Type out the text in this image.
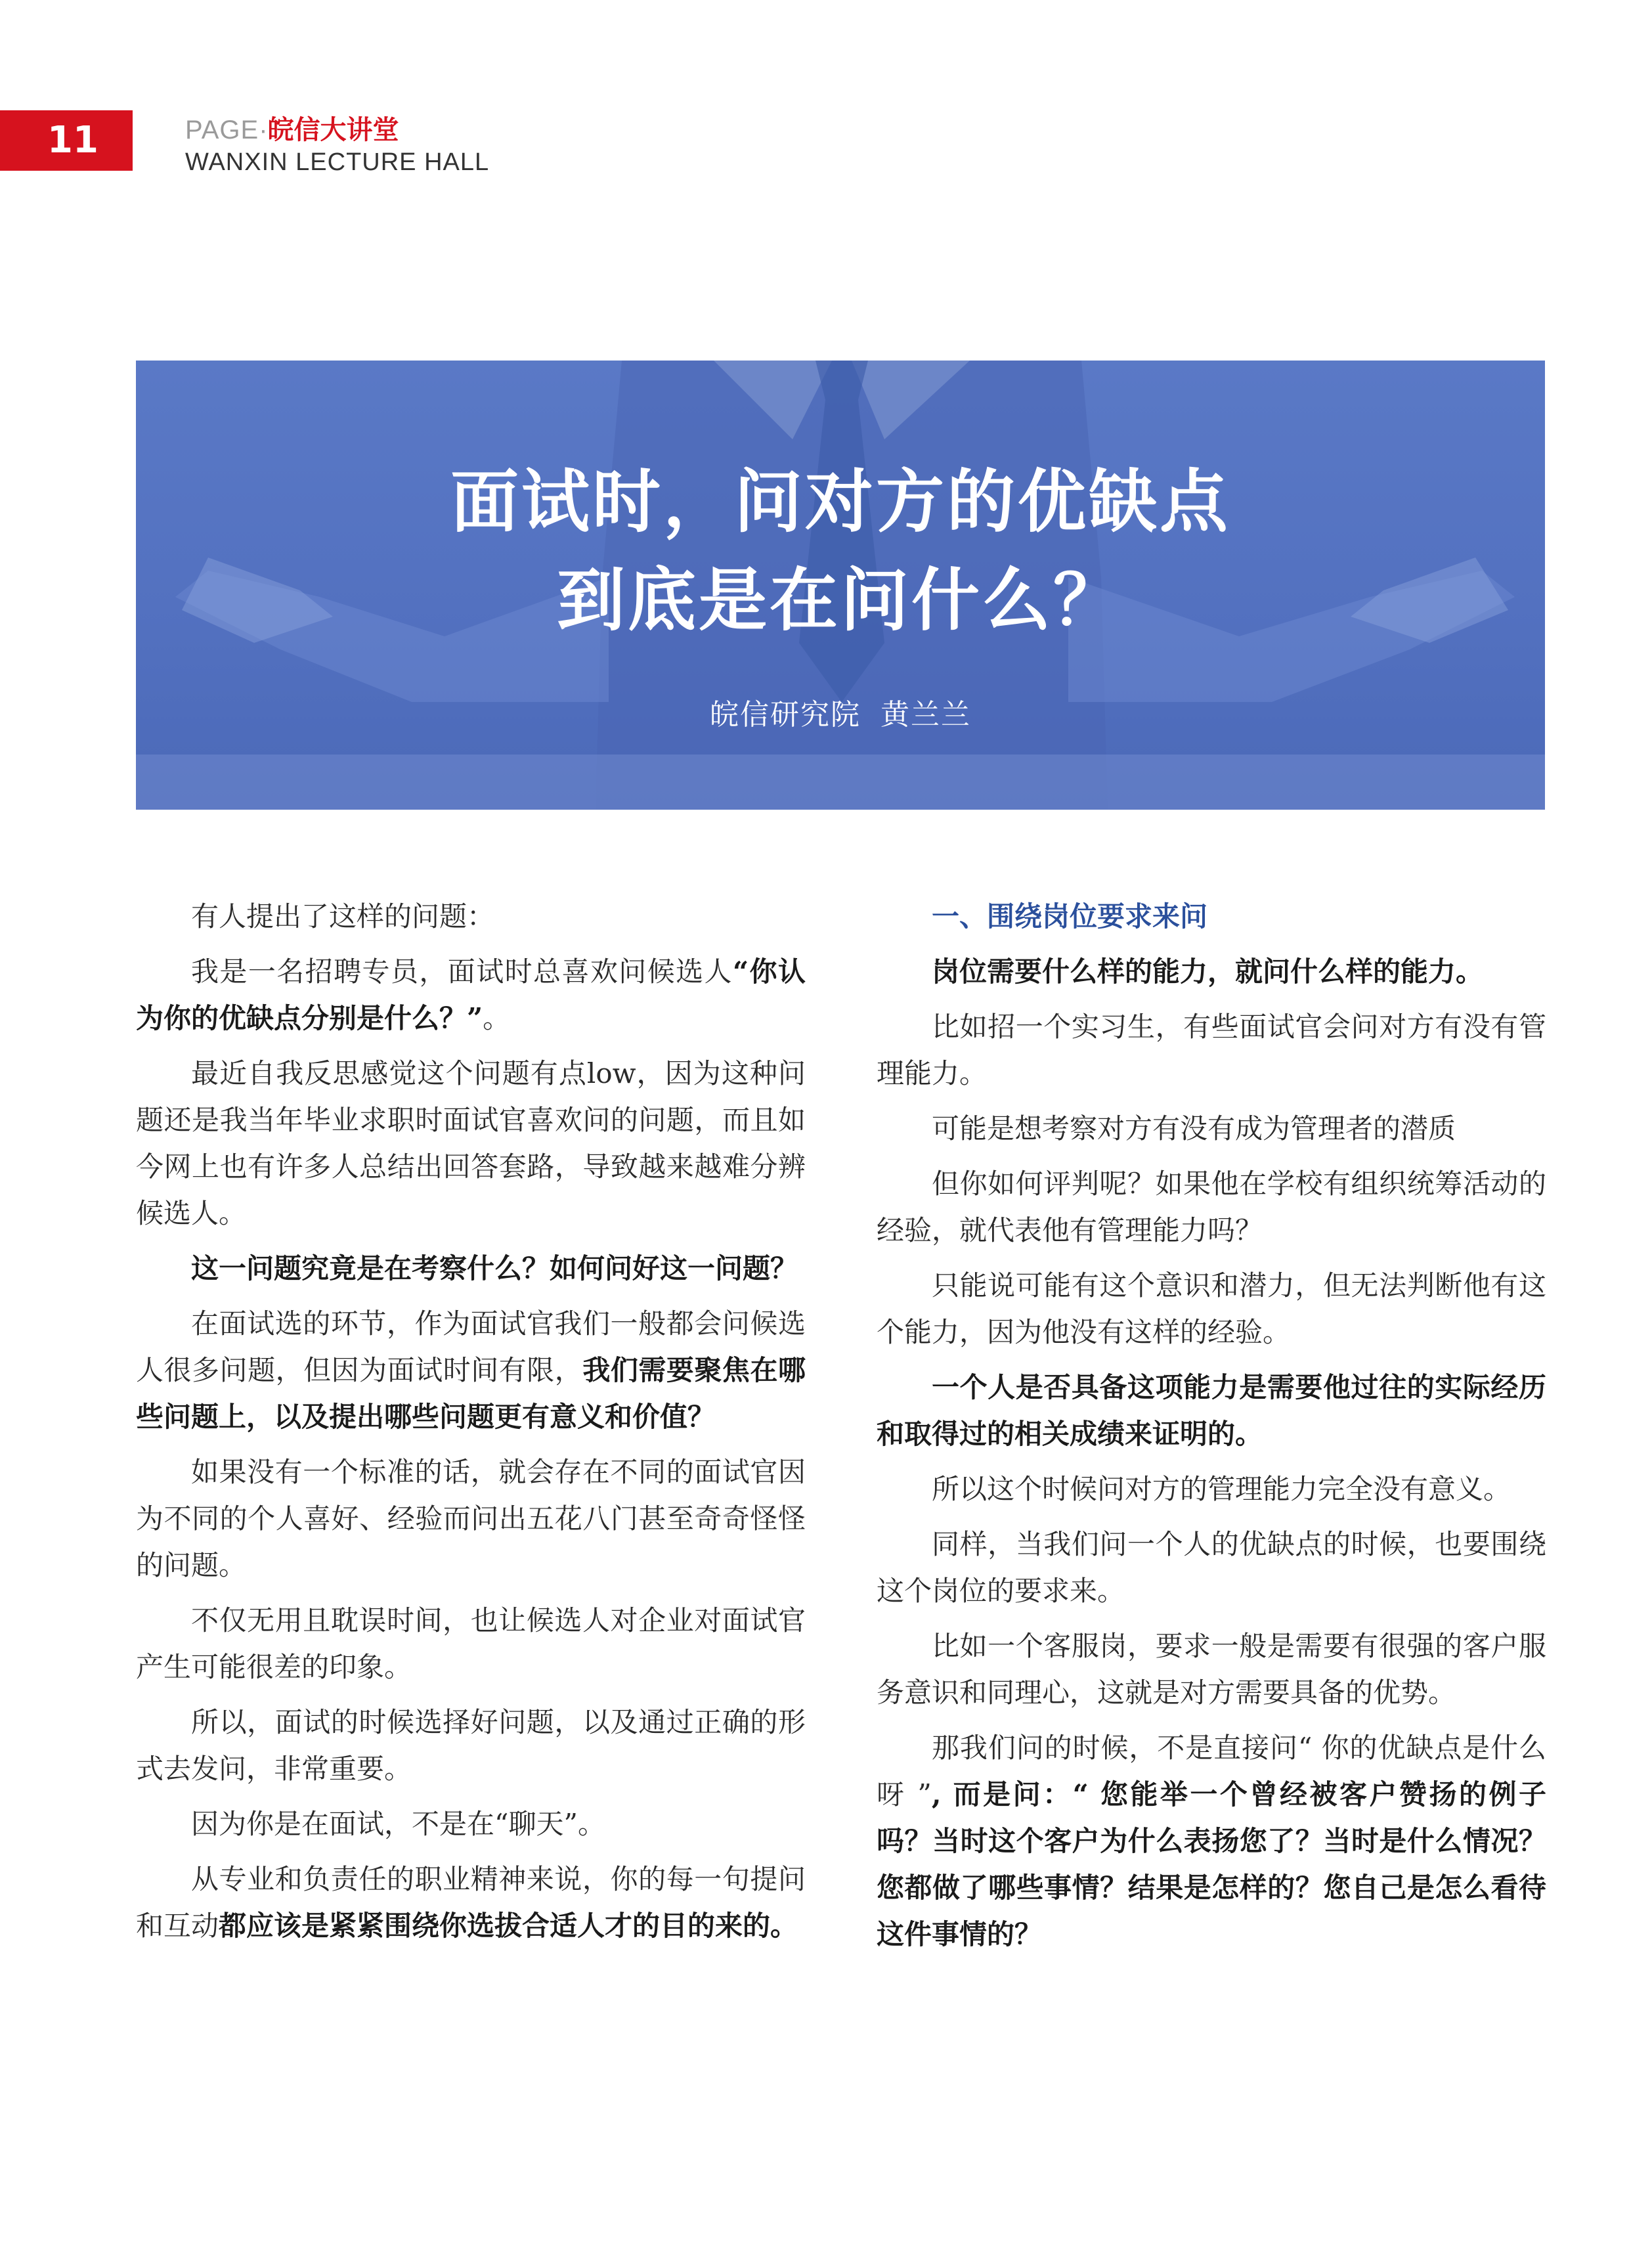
11	PAGE·皖信大讲堂
WANXIN LECTURE HALL
面试时，问对方的优缺点
到底是在问什么？
皖信研究院 黄兰兰

有人提出了这样的问题：

我是一名招聘专员，面试时总喜欢问候选人“你认为你的优缺点分别是什么？”。

最近自我反思感觉这个问题有点low，因为这种问题还是我当年毕业求职时面试官喜欢问的问题，而且如今网上也有许多人总结出回答套路，导致越来越难分辨候选人。

这一问题究竟是在考察什么？如何问好这一问题？

在面试选的环节，作为面试官我们一般都会问候选人很多问题，但因为面试时间有限，我们需要聚焦在哪些问题上，以及提出哪些问题更有意义和价值？

如果没有一个标准的话，就会存在不同的面试官因为不同的个人喜好、经验而问出五花八门甚至奇奇怪怪的问题。

不仅无用且耽误时间，也让候选人对企业对面试官产生可能很差的印象。

所以，面试的时候选择好问题，以及通过正确的形式去发问，非常重要。

因为你是在面试，不是在“聊天”。

从专业和负责任的职业精神来说，你的每一句提问和互动都应该是紧紧围绕你选拔合适人才的目的来的。

一、围绕岗位要求来问

岗位需要什么样的能力，就问什么样的能力。

比如招一个实习生，有些面试官会问对方有没有管理能力。

可能是想考察对方有没有成为管理者的潜质

但你如何评判呢？如果他在学校有组织统筹活动的经验，就代表他有管理能力吗？

只能说可能有这个意识和潜力，但无法判断他有这个能力，因为他没有这样的经验。

一个人是否具备这项能力是需要他过往的实际经历和取得过的相关成绩来证明的。

所以这个时候问对方的管理能力完全没有意义。

同样，当我们问一个人的优缺点的时候，也要围绕这个岗位的要求来。

比如一个客服岗，要求一般是需要有很强的客户服务意识和同理心，这就是对方需要具备的优势。

那我们问的时候，不是直接问“ 你的优缺点是什么呀 ”, 而是问：“ 您能举一个曾经被客户赞扬的例子吗？当时这个客户为什么表扬您了？当时是什么情况？您都做了哪些事情？结果是怎样的？您自己是怎么看待这件事情的？
